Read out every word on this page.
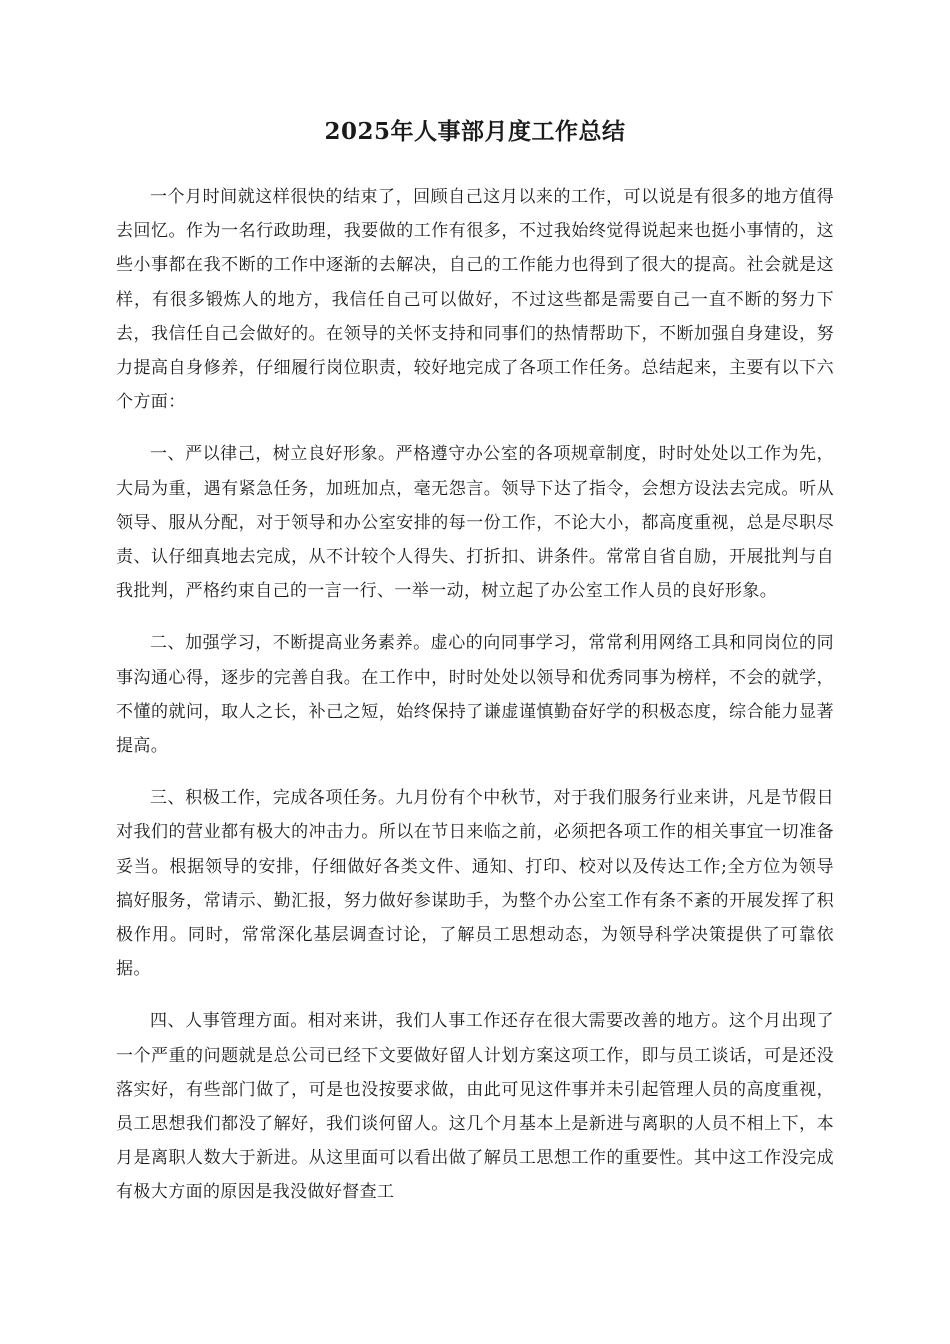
2025年人事部月度工作总结

一个月时间就这样很快的结束了，回顾自己这月以来的工作，可以说是有很多的地方值得去回忆。作为一名行政助理，我要做的工作有很多，不过我始终觉得说起来也挺小事情的，这些小事都在我不断的工作中逐渐的去解决，自己的工作能力也得到了很大的提高。社会就是这样，有很多锻炼人的地方，我信任自己可以做好，不过这些都是需要自己一直不断的努力下去，我信任自己会做好的。在领导的关怀支持和同事们的热情帮助下，不断加强自身建设，努力提高自身修养，仔细履行岗位职责，较好地完成了各项工作任务。总结起来，主要有以下六个方面：

一、严以律己，树立良好形象。严格遵守办公室的各项规章制度，时时处处以工作为先，大局为重，遇有紧急任务，加班加点，毫无怨言。领导下达了指令，会想方设法去完成。听从领导、服从分配，对于领导和办公室安排的每一份工作，不论大小，都高度重视，总是尽职尽责、认仔细真地去完成，从不计较个人得失、打折扣、讲条件。常常自省自励，开展批判与自我批判，严格约束自己的一言一行、一举一动，树立起了办公室工作人员的良好形象。

二、加强学习，不断提高业务素养。虚心的向同事学习，常常利用网络工具和同岗位的同事沟通心得，逐步的完善自我。在工作中，时时处处以领导和优秀同事为榜样，不会的就学，不懂的就问，取人之长，补己之短，始终保持了谦虚谨慎勤奋好学的积极态度，综合能力显著提高。

三、积极工作，完成各项任务。九月份有个中秋节，对于我们服务行业来讲，凡是节假日对我们的营业都有极大的冲击力。所以在节日来临之前，必须把各项工作的相关事宜一切准备妥当。根据领导的安排，仔细做好各类文件、通知、打印、校对以及传达工作;全方位为领导搞好服务，常请示、勤汇报，努力做好参谋助手，为整个办公室工作有条不紊的开展发挥了积极作用。同时，常常深化基层调查讨论，了解员工思想动态，为领导科学决策提供了可靠依据。

四、人事管理方面。相对来讲，我们人事工作还存在很大需要改善的地方。这个月出现了一个严重的问题就是总公司已经下文要做好留人计划方案这项工作，即与员工谈话，可是还没落实好，有些部门做了，可是也没按要求做，由此可见这件事并未引起管理人员的高度重视，员工思想我们都没了解好，我们谈何留人。这几个月基本上是新进与离职的人员不相上下，本月是离职人数大于新进。从这里面可以看出做了解员工思想工作的重要性。其中这工作没完成有极大方面的原因是我没做好督查工
